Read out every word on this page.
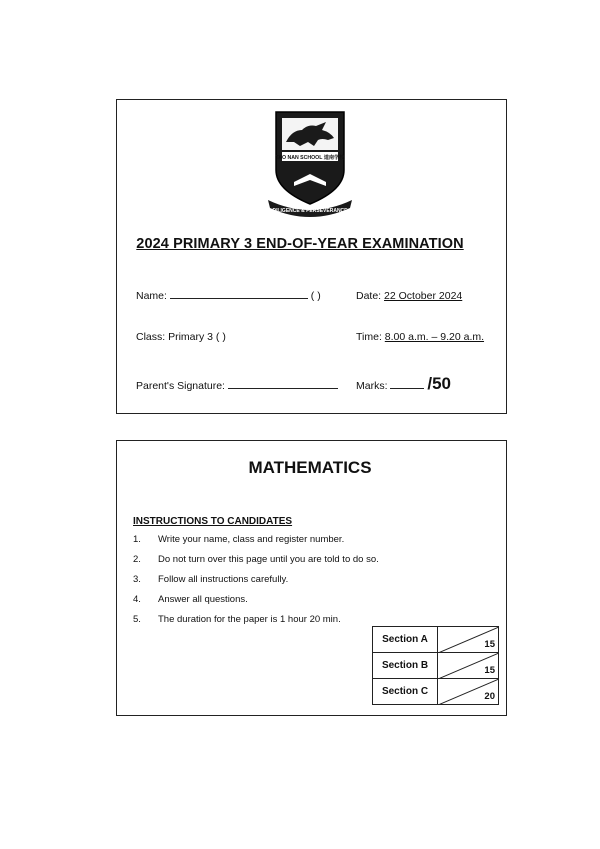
TAO NAN SCHOOL 道南学校
DILIGENCE & PERSEVERANCE
2024 PRIMARY 3 END-OF-YEAR EXAMINATION
Name:	( )	Date: 22 October 2024
Class: Primary 3 ( )	Time: 8.00 a.m. – 9.20 a.m.
Parent's Signature:	Marks: /50
MATHEMATICS
INSTRUCTIONS TO CANDIDATES
1.	Write your name, class and register number.
2.	Do not turn over this page until you are told to do so.
3.	Follow all instructions carefully.
4.	Answer all questions.
5.	The duration for the paper is 1 hour 20 min.
Section A	15

Section B	15

Section C	20
